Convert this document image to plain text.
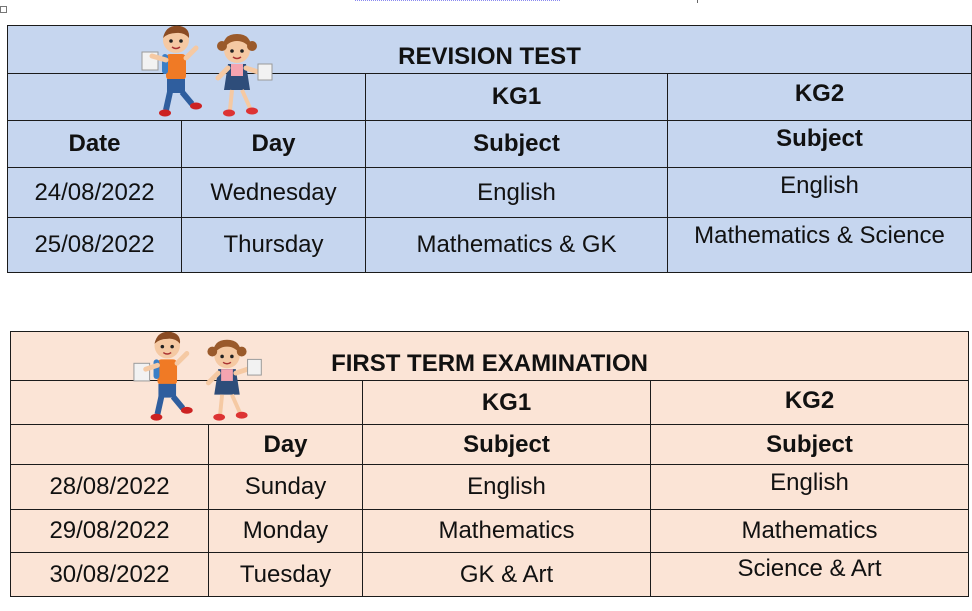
REVISION TEST			
		KG1	KG2
Date	Day	Subject	Subject
24/08/2022	Wednesday	English	English
25/08/2022	Thursday	Mathematics & GK	Mathematics & Science
FIRST TERM EXAMINATION			
		KG1	KG2
	Day	Subject	Subject
28/08/2022	Sunday	English	English
29/08/2022	Monday	Mathematics	Mathematics
30/08/2022	Tuesday	GK & Art	Science & Art
